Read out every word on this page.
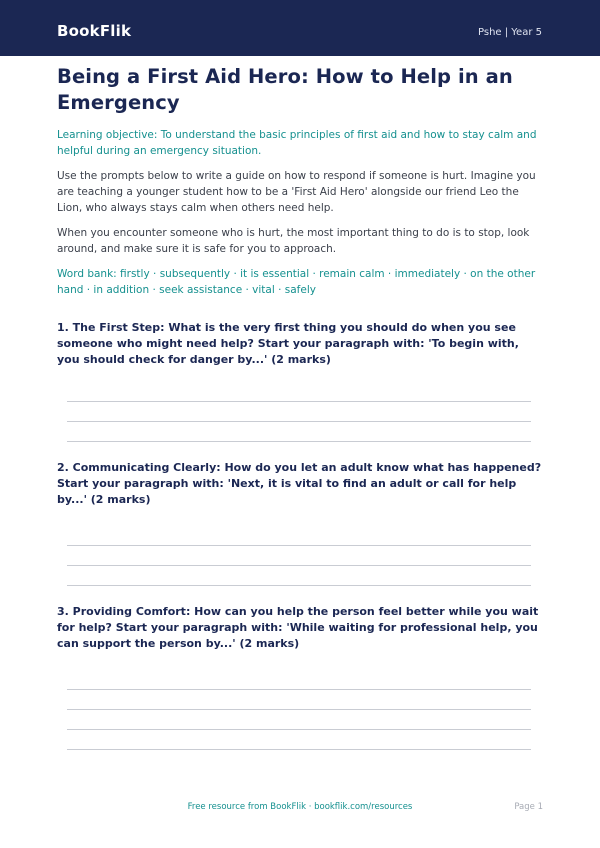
BookFlik	Pshe | Year 5
Being a First Aid Hero: How to Help in an Emergency
Learning objective: To understand the basic principles of first aid and how to stay calm and helpful during an emergency situation.
Use the prompts below to write a guide on how to respond if someone is hurt. Imagine you are teaching a younger student how to be a 'First Aid Hero' alongside our friend Leo the Lion, who always stays calm when others need help.
When you encounter someone who is hurt, the most important thing to do is to stop, look around, and make sure it is safe for you to approach.
Word bank: firstly · subsequently · it is essential · remain calm · immediately · on the other hand · in addition · seek assistance · vital · safely
1. The First Step: What is the very first thing you should do when you see someone who might need help? Start your paragraph with: 'To begin with, you should check for danger by...' (2 marks)
2. Communicating Clearly: How do you let an adult know what has happened? Start your paragraph with: 'Next, it is vital to find an adult or call for help by...' (2 marks)
3. Providing Comfort: How can you help the person feel better while you wait for help? Start your paragraph with: 'While waiting for professional help, you can support the person by...' (2 marks)
Free resource from BookFlik · bookflik.com/resources	Page 1
